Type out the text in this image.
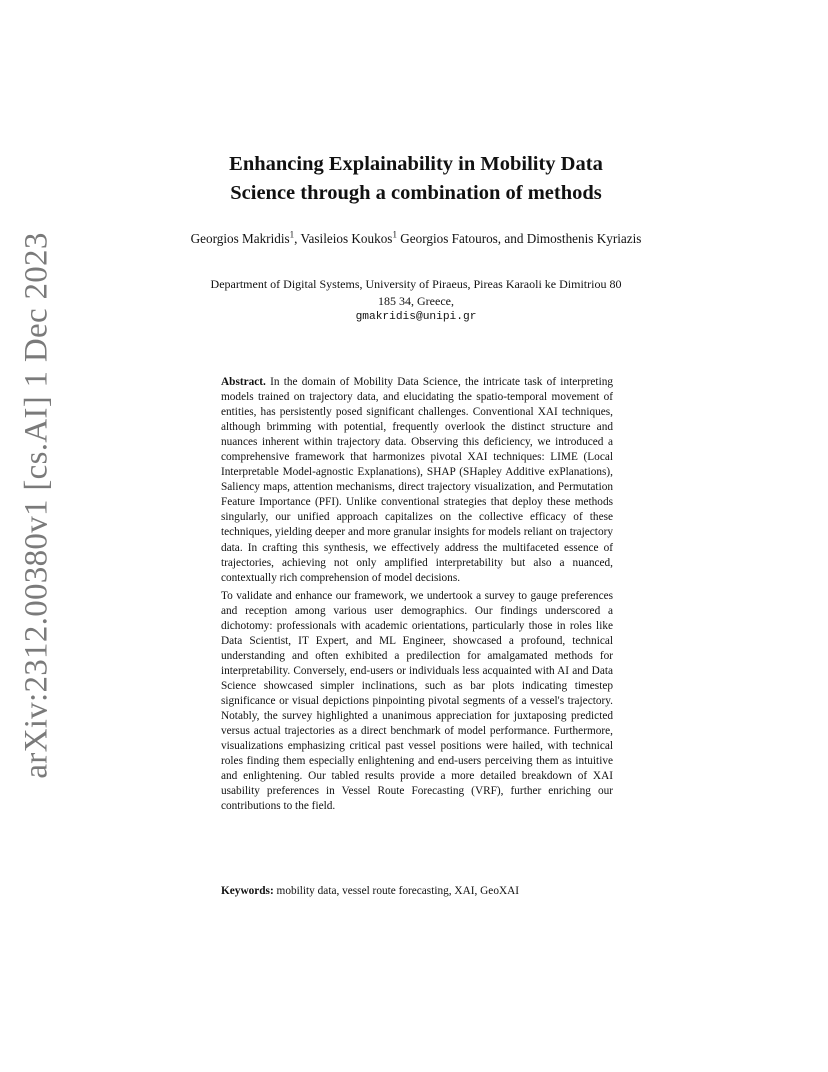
arXiv:2312.00380v1 [cs.AI] 1 Dec 2023
Enhancing Explainability in Mobility Data
Science through a combination of methods
Georgios Makridis$^1$, Vasileios Koukos$^1$ Georgios Fatouros, and Dimosthenis Kyriazis
Department of Digital Systems, University of Piraeus, Pireas Karaoli ke Dimitriou 80
185 34, Greece,
gmakridis@unipi.gr

Abstract. In the domain of Mobility Data Science, the intricate task of interpreting models trained on trajectory data, and elucidating the spatio-temporal movement of entities, has persistently posed significant challenges. Conventional XAI techniques, although brimming with potential, frequently overlook the distinct structure and nuances inherent within trajectory data. Observing this deficiency, we introduced a comprehensive framework that harmonizes pivotal XAI techniques: LIME (Local Interpretable Model-agnostic Explanations), SHAP (SHapley Additive exPlanations), Saliency maps, attention mechanisms, direct trajectory visualization, and Permutation Feature Importance (PFI). Unlike conventional strategies that deploy these methods singularly, our unified approach capitalizes on the collective efficacy of these techniques, yielding deeper and more granular insights for models reliant on trajectory data. In crafting this synthesis, we effectively address the multifaceted essence of trajectories, achieving not only amplified interpretability but also a nuanced, contextually rich comprehension of model decisions.

To validate and enhance our framework, we undertook a survey to gauge preferences and reception among various user demographics. Our findings underscored a dichotomy: professionals with academic orientations, particularly those in roles like Data Scientist, IT Expert, and ML Engineer, showcased a profound, technical understanding and often exhibited a predilection for amalgamated methods for interpretability. Conversely, end-users or individuals less acquainted with AI and Data Science showcased simpler inclinations, such as bar plots indicating timestep significance or visual depictions pinpointing pivotal segments of a vessel's trajectory. Notably, the survey highlighted a unanimous appreciation for juxtaposing predicted versus actual trajectories as a direct benchmark of model performance. Furthermore, visualizations emphasizing critical past vessel positions were hailed, with technical roles finding them especially enlightening and end-users perceiving them as intuitive and enlightening. Our tabled results provide a more detailed breakdown of XAI usability preferences in Vessel Route Forecasting (VRF), further enriching our contributions to the field.

Keywords: mobility data, vessel route forecasting, XAI, GeoXAI
